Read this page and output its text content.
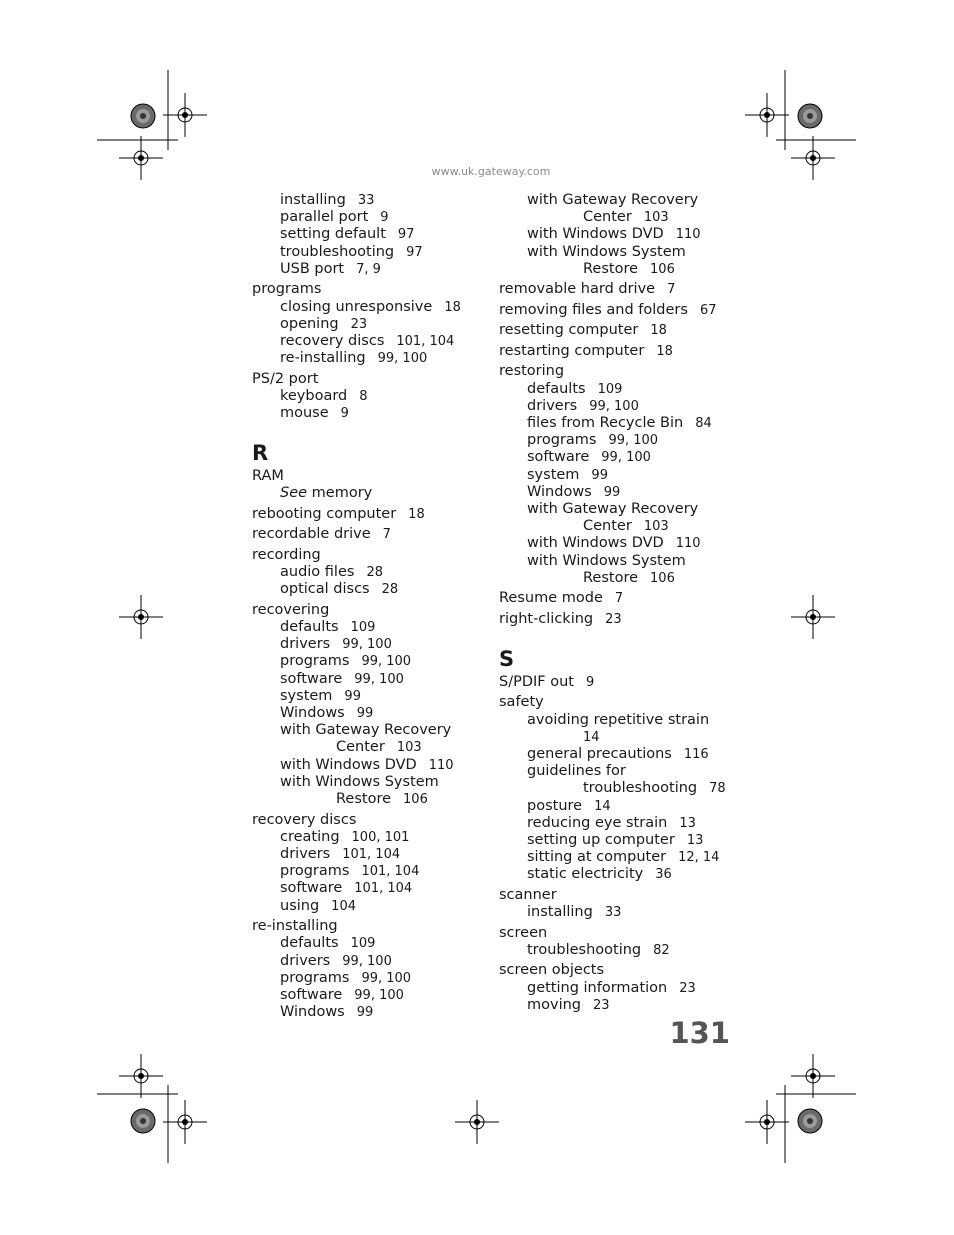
www.uk.gateway.com
installing 33
parallel port 9
setting default 97
troubleshooting 97
USB port 7, 9
programs
closing unresponsive 18
opening 23
recovery discs 101, 104
re-installing 99, 100
PS/2 port
keyboard 8
mouse 9
R
RAM
See memory
rebooting computer 18
recordable drive 7
recording
audio files 28
optical discs 28
recovering
defaults 109
drivers 99, 100
programs 99, 100
software 99, 100
system 99
Windows 99
with Gateway Recovery
Center 103
with Windows DVD 110
with Windows System
Restore 106
recovery discs
creating 100, 101
drivers 101, 104
programs 101, 104
software 101, 104
using 104
re-installing
defaults 109
drivers 99, 100
programs 99, 100
software 99, 100
Windows 99
with Gateway Recovery
Center 103
with Windows DVD 110
with Windows System
Restore 106
removable hard drive 7
removing files and folders 67
resetting computer 18
restarting computer 18
restoring
defaults 109
drivers 99, 100
files from Recycle Bin 84
programs 99, 100
software 99, 100
system 99
Windows 99
with Gateway Recovery
Center 103
with Windows DVD 110
with Windows System
Restore 106
Resume mode 7
right-clicking 23
S
S/PDIF out 9
safety
avoiding repetitive strain
14
general precautions 116
guidelines for
troubleshooting 78
posture 14
reducing eye strain 13
setting up computer 13
sitting at computer 12, 14
static electricity 36
scanner
installing 33
screen
troubleshooting 82
screen objects
getting information 23
moving 23
131
